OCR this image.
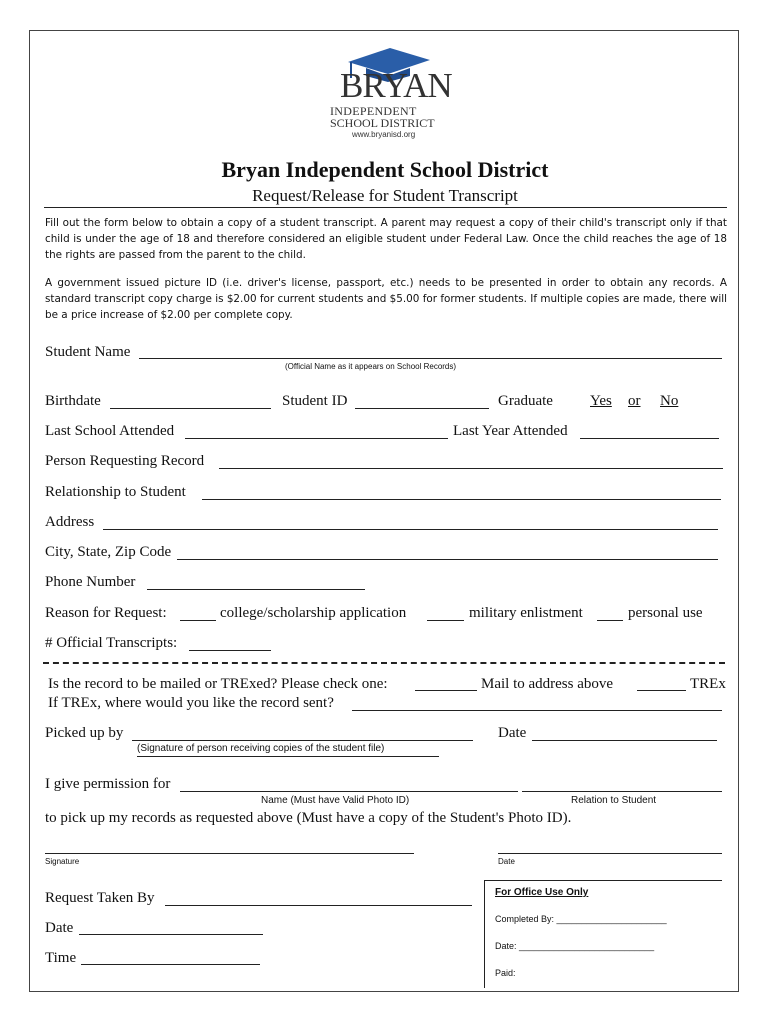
BRYAN
INDEPENDENT
SCHOOL DISTRICT
www.bryanisd.org
Bryan Independent School District
Request/Release for Student Transcript
Fill out the form below to obtain a copy of a student transcript. A parent may request a copy of their child's transcript only if that child is under the age of 18 and therefore considered an eligible student under Federal Law. Once the child reaches the age of 18 the rights are passed from the parent to the child.
A government issued picture ID (i.e. driver's license, passport, etc.) needs to be presented in order to obtain any records. A standard transcript copy charge is $2.00 for current students and $5.00 for former students. If multiple copies are made, there will be a price increase of $2.00 per complete copy.
Student Name
(Official Name as it appears on School Records)
Birthdate	Student ID	Graduate Yes or No
Last School Attended	Last Year Attended
Person Requesting Record
Relationship to Student
Address
City, State, Zip Code
Phone Number
Reason for Request:	college/scholarship application	military enlistment	personal use
# Official Transcripts:
Is the record to be mailed or TRExed? Please check one:	Mail to address above	TREx
If TREx, where would you like the record sent?
Picked up by	Date
(Signature of person receiving copies of the student file)
I give permission for
Name (Must have Valid Photo ID)	Relation to Student
to pick up my records as requested above (Must have a copy of the Student's Photo ID).
Signature	Date
Request Taken By
Date
Time
For Office Use Only
Completed By: ______________________
Date: ___________________________
Paid:
